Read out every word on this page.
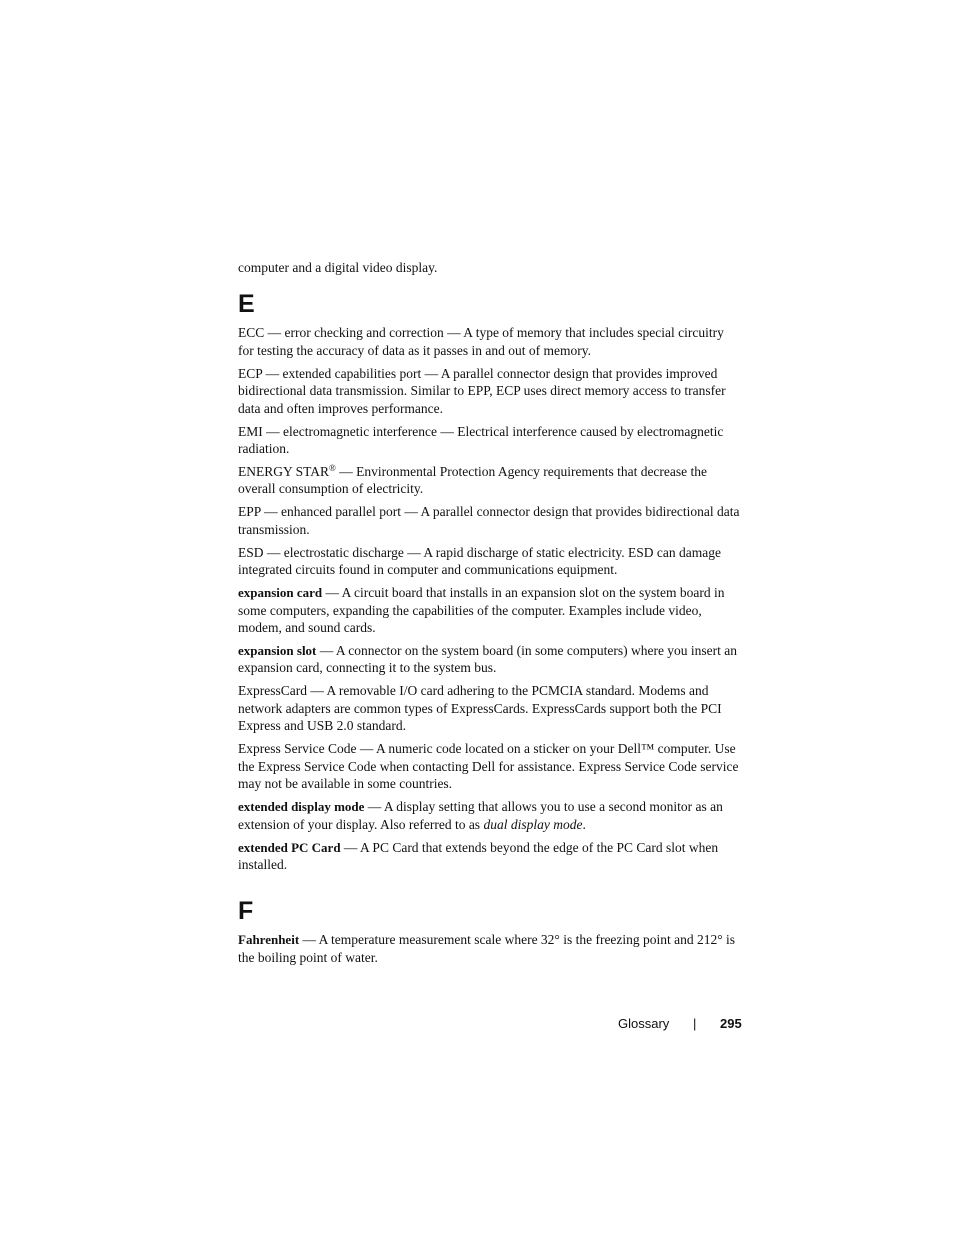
computer and a digital video display.

E

ECC — error checking and correction — A type of memory that includes special circuitry for testing the accuracy of data as it passes in and out of memory.

ECP — extended capabilities port — A parallel connector design that provides improved bidirectional data transmission. Similar to EPP, ECP uses direct memory access to transfer data and often improves performance.

EMI — electromagnetic interference — Electrical interference caused by electromagnetic radiation.

ENERGY STAR® — Environmental Protection Agency requirements that decrease the overall consumption of electricity.

EPP — enhanced parallel port — A parallel connector design that provides bidirectional data transmission.

ESD — electrostatic discharge — A rapid discharge of static electricity. ESD can damage integrated circuits found in computer and communications equipment.

expansion card — A circuit board that installs in an expansion slot on the system board in some computers, expanding the capabilities of the computer. Examples include video, modem, and sound cards.

expansion slot — A connector on the system board (in some computers) where you insert an expansion card, connecting it to the system bus.

ExpressCard — A removable I/O card adhering to the PCMCIA standard. Modems and network adapters are common types of ExpressCards. ExpressCards support both the PCI Express and USB 2.0 standard.

Express Service Code — A numeric code located on a sticker on your Dell™ computer. Use the Express Service Code when contacting Dell for assistance. Express Service Code service may not be available in some countries.

extended display mode — A display setting that allows you to use a second monitor as an extension of your display. Also referred to as dual display mode.

extended PC Card — A PC Card that extends beyond the edge of the PC Card slot when installed.

F

Fahrenheit — A temperature measurement scale where 32° is the freezing point and 212° is the boiling point of water.

Glossary | 295
